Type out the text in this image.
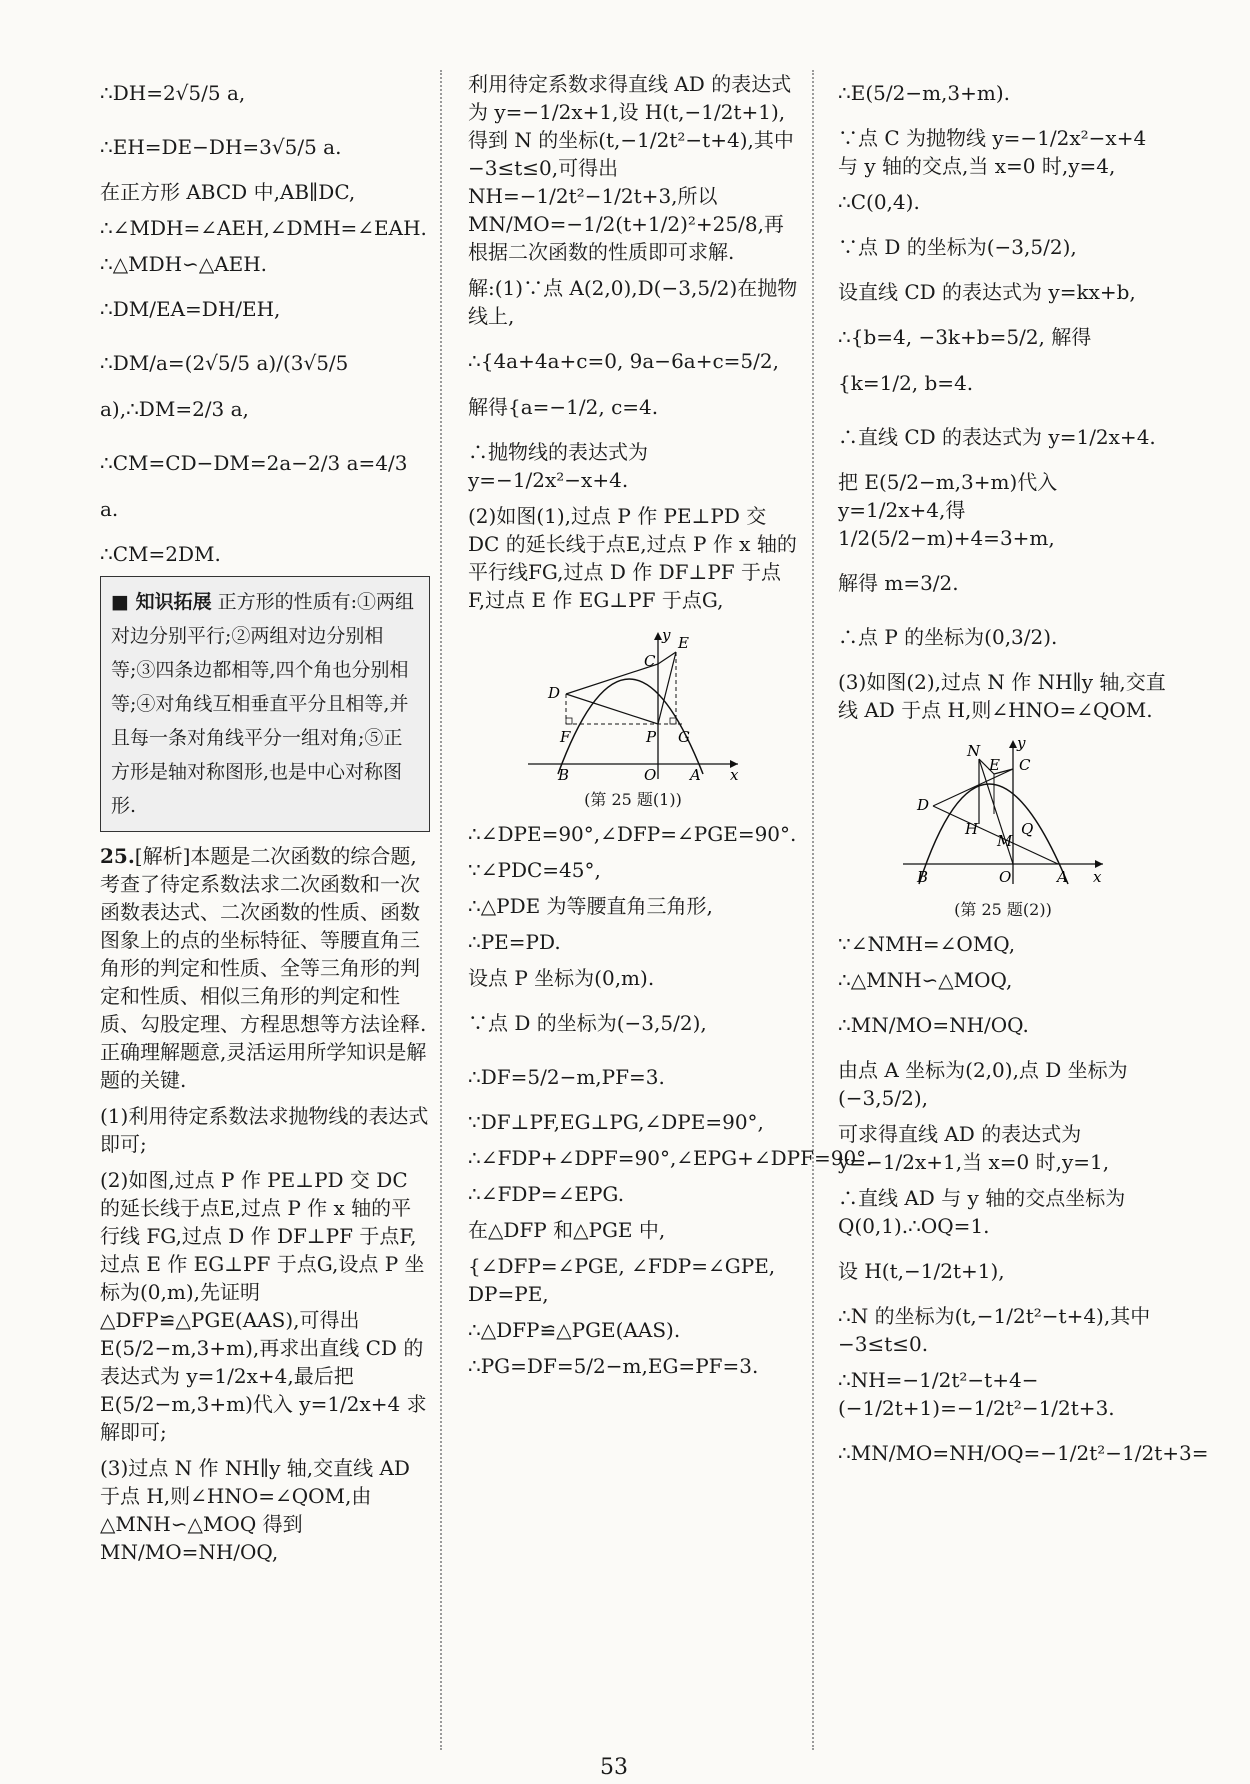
∴DH=2√5/5 a,

∴EH=DE−DH=3√5/5 a.

在正方形 ABCD 中,AB∥DC,

∴∠MDH=∠AEH,∠DMH=∠EAH.

∴△MDH∽△AEH.

∴DM/EA=DH/EH,

∴DM/a=(2√5/5 a)/(3√5/5 a),∴DM=2/3 a,

∴CM=CD−DM=2a−2/3 a=4/3 a.

∴CM=2DM.

■ 知识拓展 正方形的性质有:①两组对边分别平行;②两组对边分别相等;③四条边都相等,四个角也分别相等;④对角线互相垂直平分且相等,并且每一条对角线平分一组对角;⑤正方形是轴对称图形,也是中心对称图形.

25.[解析]本题是二次函数的综合题,考查了待定系数法求二次函数和一次函数表达式、二次函数的性质、函数图象上的点的坐标特征、等腰直角三角形的判定和性质、全等三角形的判定和性质、相似三角形的判定和性质、勾股定理、方程思想等方法诠释.正确理解题意,灵活运用所学知识是解题的关键.

(1)利用待定系数法求抛物线的表达式即可;

(2)如图,过点 P 作 PE⊥PD 交 DC 的延长线于点E,过点 P 作 x 轴的平行线 FG,过点 D 作 DF⊥PF 于点F,过点 E 作 EG⊥PF 于点G,设点 P 坐标为(0,m),先证明△DFP≌△PGE(AAS),可得出 E(5/2−m,3+m),再求出直线 CD 的表达式为 y=1/2x+4,最后把 E(5/2−m,3+m)代入 y=1/2x+4 求解即可;

(3)过点 N 作 NH∥y 轴,交直线 AD 于点 H,则∠HNO=∠QOM,由△MNH∽△MOQ 得到 MN/MO=NH/OQ,

利用待定系数求得直线 AD 的表达式为 y=−1/2x+1,设 H(t,−1/2t+1),得到 N 的坐标(t,−1/2t²−t+4),其中−3≤t≤0,可得出 NH=−1/2t²−1/2t+3,所以 MN/MO=−1/2(t+1/2)²+25/8,再根据二次函数的性质即可求解.

解:(1)∵点 A(2,0),D(−3,5/2)在抛物线上,

∴{4a+4a+c=0, 9a−6a+c=5/2, 解得{a=−1/2, c=4.

∴抛物线的表达式为 y=−1/2x²−x+4.

(2)如图(1),过点 P 作 PE⊥PD 交 DC 的延长线于点E,过点 P 作 x 轴的平行线FG,过点 D 作 DF⊥PF 于点F,过点 E 作 EG⊥PF 于点G,

y
x
E
C
D
F	P G
B	O A
(第 25 题(1))

∴∠DPE=90°,∠DFP=∠PGE=90°.

∵∠PDC=45°,

∴△PDE 为等腰直角三角形,

∴PE=PD.

设点 P 坐标为(0,m).

∵点 D 的坐标为(−3,5/2),

∴DF=5/2−m,PF=3.

∵DF⊥PF,EG⊥PG,∠DPE=90°,

∴∠FDP+∠DPF=90°,∠EPG+∠DPF=90°.

∴∠FDP=∠EPG.

在△DFP 和△PGE 中,

{∠DFP=∠PGE, ∠FDP=∠GPE, DP=PE,

∴△DFP≌△PGE(AAS).

∴PG=DF=5/2−m,EG=PF=3.

∴E(5/2−m,3+m).

∵点 C 为抛物线 y=−1/2x²−x+4 与 y 轴的交点,当 x=0 时,y=4,

∴C(0,4).

∵点 D 的坐标为(−3,5/2),

设直线 CD 的表达式为 y=kx+b,

∴{b=4, −3k+b=5/2, 解得{k=1/2, b=4.

∴直线 CD 的表达式为 y=1/2x+4.

把 E(5/2−m,3+m)代入 y=1/2x+4,得1/2(5/2−m)+4=3+m,

解得 m=3/2.

∴点 P 的坐标为(0,3/2).

(3)如图(2),过点 N 作 NH∥y 轴,交直线 AD 于点 H,则∠HNO=∠QOM.

y
x
N
E C
D
H
M
Q
B	O	A
(第 25 题(2))

∵∠NMH=∠OMQ,

∴△MNH∽△MOQ,

∴MN/MO=NH/OQ.

由点 A 坐标为(2,0),点 D 坐标为(−3,5/2),

可求得直线 AD 的表达式为 y=−1/2x+1,当 x=0 时,y=1,

∴直线 AD 与 y 轴的交点坐标为 Q(0,1).∴OQ=1.

设 H(t,−1/2t+1),

∴N 的坐标为(t,−1/2t²−t+4),其中−3≤t≤0.

∴NH=−1/2t²−t+4−(−1/2t+1)=−1/2t²−1/2t+3.

∴MN/MO=NH/OQ=−1/2t²−1/2t+3=

53
